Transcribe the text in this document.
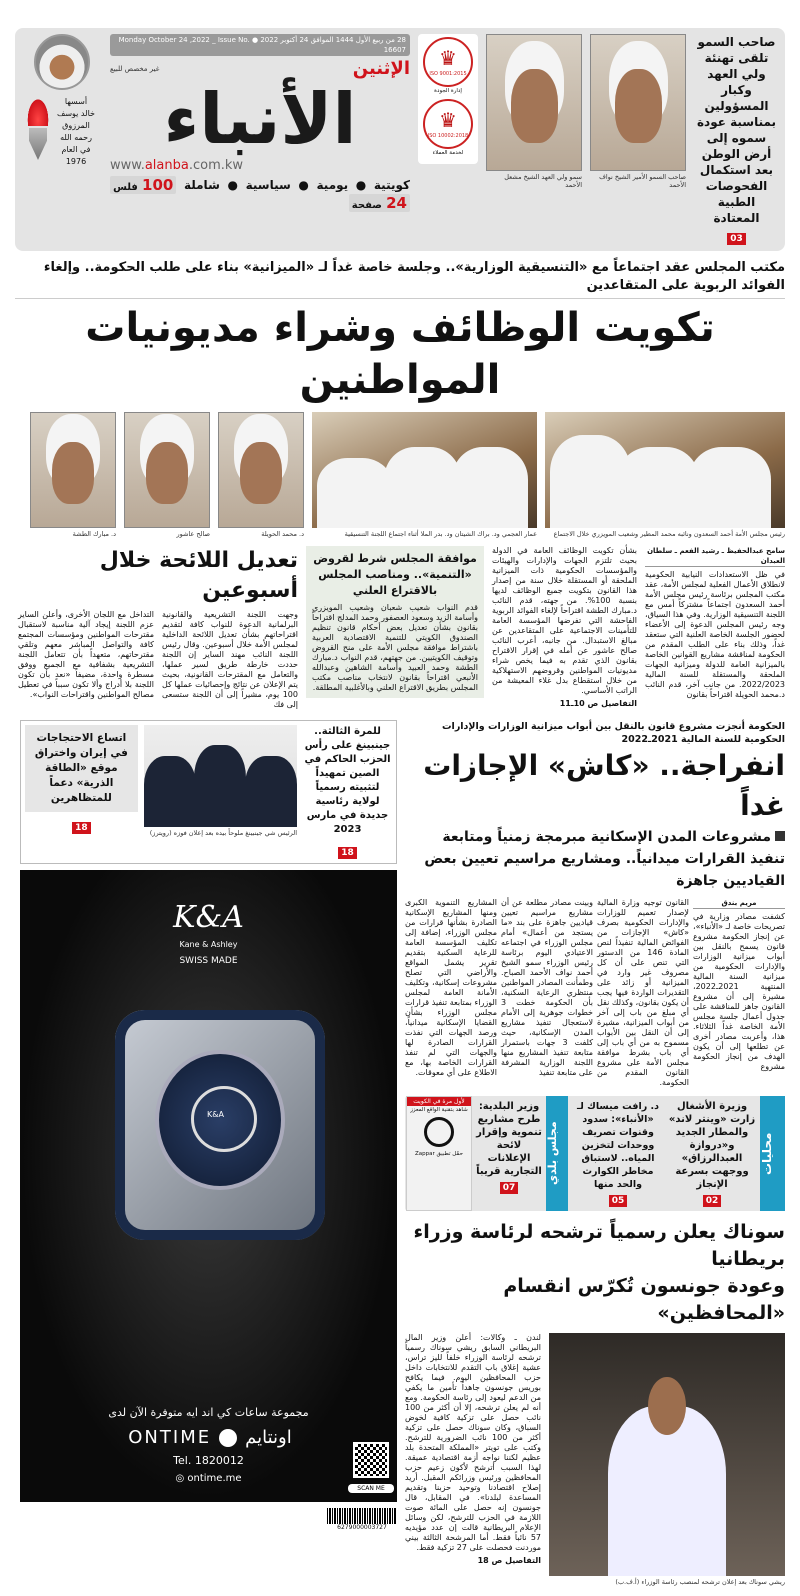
صاحب السمو تلقى تهنئة ولي العهد وكبار المسؤولين بمناسبة عودة سموه إلى أرض الوطن بعد استكمال الفحوصات الطبية المعتادة
03
صاحب السمو الأمير الشيخ نواف الأحمد
سمو ولي العهد الشيخ مشعل الأحمد
♛ ISO 9001:2015
إدارة الجودة
♛ ISO 10002:2018
لخدمة العملاء
28 من ربيع الأول 1444 الموافق 24 أكتوبر 2022 ● Monday October 24 ,2022 _ Issue No. 16607
الإثنين
غير مخصص للبيع
الأنباء
www.alanba.com.kw
كويتية
●
يومية
●
سياسية
●
شاملة
100 فلس
24 صفحة
أسسها
خالد يوسف
المرزوق
رحمه الله
في العام
1976
مكتب المجلس عقد اجتماعاً مع «التنسيقية الوزارية».. وجلسة خاصة غداً لـ «الميزانية» بناء على طلب الحكومة.. وإلغاء الفوائد الربوية على المتقاعدين
تكويت الوظائف وشراء مديونيات المواطنين
رئيس مجلس الأمة أحمد السعدون ونائبه محمد المطير وشعيب المويزري خلال الاجتماع
عمار العجمي ود. براك الشيتان ود. بدر الملا أثناء اجتماع اللجنة التنسيقية
د. محمد الحويلة
صالح عاشور
د. مبارك الطشة
سامح عبدالحفيظ ـ رشيد الفعم ـ سلطان العبدان
في ظل الاستعدادات النيابية الحكومية لانطلاق الأعمال الفعلية لمجلس الأمة، عقد مكتب المجلس برئاسة رئيس مجلس الأمة أحمد السعدون اجتماعاً مشتركاً أمس مع اللجنة التنسيقية الوزارية. وفي هذا السياق، وجه رئيس المجلس الدعوة إلى الأعضاء لحضور الجلسة الخاصة العلنية التي ستعقد غداً، وذلك بناء على الطلب المقدم من الحكومة لمناقشة مشاريع القوانين الخاصة بالميزانية العامة للدولة وميزانية الجهات الملحقة والمستقلة للسنة المالية 2022/2023. من جانب آخر، قدم النائب د.محمد الحويلة اقتراحاً بقانون
بشأن تكويت الوظائف العامة في الدولة بحيث تلتزم الجهات والإدارات والهيئات والمؤسسات الحكومية ذات الميزانية الملحقة أو المستقلة خلال سنة من إصدار هذا القانون بتكويت جميع الوظائف لديها بنسبة 100%. من جهته، قدم النائب د.مبارك الطشة اقتراحاً لإلغاء الفوائد الربوية الفاحشة التي تفرضها المؤسسة العامة للتأمينات الاجتماعية على المتقاعدين عن مبالغ الاستبدال. من جانبه، أعرب النائب صالح عاشور عن أمله في إقرار الاقتراح بقانون الذي تقدم به فيما يخص شراء مديونيات المواطنين وقروضهم الاستهلاكية من خلال استقطاع بدل غلاء المعيشة من الراتب الأساسي.
التفاصيل ص 10ـ11
موافقة المجلس شرط لقروض «التنمية».. ومناصب المجلس بالاقتراع العلني
قدم النواب شعيب شعبان وشعيب المويزري وأسامة الزيد وسعود العصفور وحمد المدلج اقتراحاً بقانون بشأن تعديل بعض أحكام قانون تنظيم الصندوق الكويتي للتنمية الاقتصادية العربية باشتراط موافقة مجلس الأمة على منح القروض وتوقيف الكويتيين. من جهتهم، قدم النواب د.مبارك الطشة وحمد العبيد وأسامة الشاهين وعبدالله الأنبعي اقتراحاً بقانون لانتخاب مناصب مكتب المجلس بطريق الاقتراع العلني وبالأغلبية المطلقة.
تعديل اللائحة خلال أسبوعين
وجهت اللجنة التشريعية والقانونية البرلمانية الدعوة للنواب كافة لتقديم اقتراحاتهم بشأن تعديل اللائحة الداخلية لمجلس الأمة خلال أسبوعين. وقال رئيس اللجنة النائب مهند الساير إن اللجنة حددت خارطة طريق لسير عملها، والتعامل مع المقترحات القانونية، بحيث يتم الإعلان عن نتائج وإحصائيات عملها كل 100 يوم، مشيراً إلى أن اللجنة ستسعى إلى فك
التداخل مع اللجان الأخرى، وأعلن الساير عزم اللجنة إيجاد آلية مناسبة لاستقبال مقترحات المواطنين ومؤسسات المجتمع كافة والتواصل المباشر معهم وتلقي مقترحاتهم، متعهداً بأن تتعامل اللجنة التشريعية بشفافية مع الجميع ووفق مسطرة واحدة، مضيفاً «نعد بأن تكون اللجنة بلا أدراج وألا تكون سبباً في تعطيل مصالح المواطنين واقتراحات النواب».
الحكومة أنجزت مشروع قانون بالنقل بين أبواب ميزانية الوزارات والإدارات الحكومية للسنة المالية 2021ـ2022
انفراجة.. «كاش» الإجازات غداً
مشروعات المدن الإسكانية مبرمجة زمنياً ومتابعة تنفيذ القرارات ميدانياً.. ومشاريع مراسيم تعيين بعض القياديين جاهزة
مريم بندق
كشفت مصادر وزارية في تصريحات خاصة لـ «الأنباء»، عن إنجاز الحكومة مشروع قانون يسمح بالنقل بين أبواب ميزانية الوزارات والإدارات الحكومية من ميزانية السنة المالية المنتهية 2021ـ2022، مشيرة إلى أن مشروع القانون جاهز للمناقشة على جدول أعمال جلسة مجلس الأمة الخاصة غداً الثلاثاء. هذا، وأعربت مصادر أخرى عن تطلعها إلى أن يكون الهدف من إنجاز الحكومة مشروع
القانون توجيه وزارة المالية لإصدار تعميم للوزارات والإدارات الحكومية بصرف «كاش» الإجازات من الفوائض المالية تنفيذاً لنص المادة 146 من الدستور التي تنص على أن كل مصروف غير وارد في الميزانية أو زائد على التقديرات الواردة فيها يجب أن يكون بقانون، وكذلك نقل أي مبلغ من باب إلى آخر من أبواب الميزانية، مشيرة إلى أن النقل بين الأبواب مسموح به من أي باب إلى أي باب بشرط موافقة مجلس الأمة على مشروع القانون المقدم من الحكومة.
وبينت مصادر مطلعة عن أن مشاريع مراسيم تعيين قياديين جاهزة على بند «ما يستجد من أعمال» أمام مجلس الوزراء في اجتماعه الاعتيادي اليوم برئاسة رئيس الوزراء سمو الشيخ أحمد نواف الأحمد الصباح. وطمأنت المصادر المواطنين منتظري الرعاية السكنية، بأن الحكومة خطت 3 خطوات جوهرية إلى الأمام لاستعجال تنفيذ مشاريع المدن الإسكانية، حيث كلفت 3 جهات باستمرار متابعة تنفيذ المشاريع منها اللجنة الوزارية المشرفة على متابعة تنفيذ
المشاريع التنموية الكبرى ومنها المشاريع الإسكانية الصادرة بشأنها قرارات من مجلس الوزراء، إضافة إلى تكليف المؤسسة العامة للرعاية السكنية بتقديم تقرير يشمل المواقع والأراضي التي تصلح مشروعات إسكانية، وتكليف الأمانة العامة لمجلس الوزراء بمتابعة تنفيذ قرارات مجلس الوزراء بشأن القضايا الإسكانية ميدانياً، ورصد الجهات التي نفذت القرارات الصادرة لها والجهات التي لم تنفذ القرارات الخاصة بها، مع الاطلاع على أي معوقات.
محليات
وزيرة الأشغال زارت «وينتر لاند» والمطار الجديد و«دروازة العبدالرزاق» ووجهت بسرعة الإنجاز
02
د. رافت ميساك لـ «الأنباء»: سدود وقنوات تصريف ووحدات لتخزين المياه.. لاستباق مخاطر الكوارث والحد منها
05
مجلس بلدي
وزير البلدية: طرح مشاريع تنموية وإقرار لائحة الإعلانات التجارية قريباً
07
لأول مرة في الكويت
شاهد بتقنية الواقع المعزز
حمّل تطبيق Zappar
سوناك يعلن رسمياً ترشحه لرئاسة وزراء بريطانيا
وعودة جونسون تُكرّس انقسام «المحافظين»
ريشي سوناك بعد إعلان ترشحه لمنصب رئاسة الوزراء (أ.ف.ب)
لندن ـ وكالات: أعلن وزير المال البريطاني السابق ريشي سوناك رسمياً ترشحه لرئاسة الوزراء خلفاً لليز تراس، عشية إغلاق باب التقدم للانتخابات داخل حزب المحافظين اليوم. فيما يكافح بوريس جونسون جاهداً تأمين ما يكفي من الدعم ليعود إلى رئاسة الحكومة. ومع أنه لم يعلن ترشحه، إلا أن أكثر من 100 نائب حصل على تزكية كافية لخوض السباق، وكان سوناك حصل على تزكية أكثر من 100 نائب الضرورية للترشح. وكتب على تويتر «المملكة المتحدة بلد عظيم لكننا نواجه أزمة اقتصادية عميقة. لهذا السبب أترشح لأكون زعيم حزب المحافظين ورئيس وزرائكم المقبل. أريد إصلاح اقتصادنا وتوحيد حزبنا وتقديم المساعدة لبلدنا». في المقابل، قال جونسون إنه حصل على المائة صوت اللازمة في الحزب للترشح، لكن وسائل الإعلام البريطانية قالت إن عدد مؤيديه 57 نائباً فقط. أما المرشحة الثالثة بيني موردنت فحصلت على 27 تزكية فقط.
التفاصيل ص 18
للمرة الثالثة.. جينبينغ على رأس الحزب الحاكم في الصين تمهيداً لتثبيته رسمياً لولاية رئاسية جديدة في مارس 2023
18
الرئيس شي جينبينغ ملوحاً بيده بعد إعلان فوزه (رويترز)
اتساع الاحتجاجات في إيران واختراق موقع «الطاقة الذرية» دعماً للمتظاهرين
18
K&A
Kane & Ashley
SWISS MADE
K&A
مجموعة ساعات كي اند ايه متوفرة الآن لدى
ONTIME اونتايم
Tel. 1820012
◎ ontime.me
SCAN ME
6279000003727
